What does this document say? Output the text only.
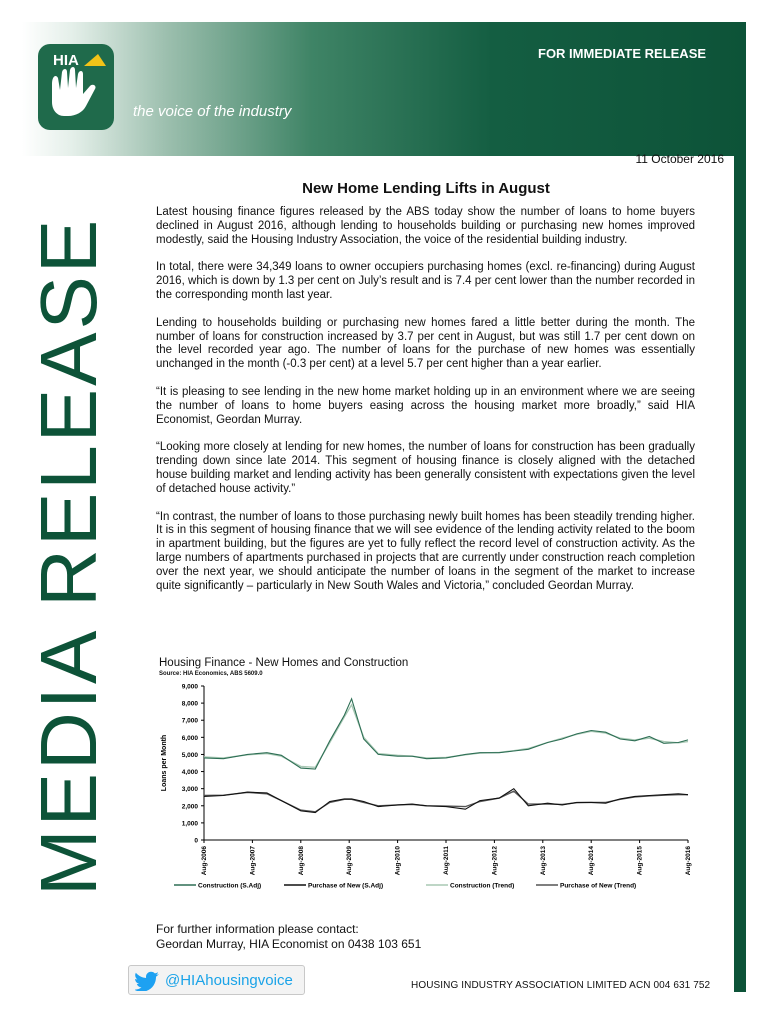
HIA
the voice of the industry
FOR IMMEDIATE RELEASE
MEDIA RELEASE
11 October 2016
New Home Lending Lifts in August

Latest housing finance figures released by the ABS today show the number of loans to home buyers declined in August 2016, although lending to households building or purchasing new homes improved modestly, said the Housing Industry Association, the voice of the residential building industry.

In total, there were 34,349 loans to owner occupiers purchasing homes (excl. re-financing) during August 2016, which is down by 1.3 per cent on July’s result and is 7.4 per cent lower than the number recorded in the corresponding month last year.

Lending to households building or purchasing new homes fared a little better during the month. The number of loans for construction increased by 3.7 per cent in August, but was still 1.7 per cent down on the level recorded year ago. The number of loans for the purchase of new homes was essentially unchanged in the month (-0.3 per cent) at a level 5.7 per cent higher than a year earlier.

“It is pleasing to see lending in the new home market holding up in an environment where we are seeing the number of loans to home buyers easing across the housing market more broadly,” said HIA Economist, Geordan Murray.

“Looking more closely at lending for new homes, the number of loans for construction has been gradually trending down since late 2014. This segment of housing finance is closely aligned with the detached house building market and lending activity has been generally consistent with expectations given the level of detached house activity.”

“In contrast, the number of loans to those purchasing newly built homes has been steadily trending higher. It is in this segment of housing finance that we will see evidence of the lending activity related to the boom in apartment building, but the figures are yet to fully reflect the record level of construction activity. As the large numbers of apartments purchased in projects that are currently under construction reach completion over the next year, we should anticipate the number of loans in the segment of the market to increase quite significantly – particularly in New South Wales and Victoria,” concluded Geordan Murray.

Housing Finance - New Homes and Construction
Source: HIA Economics, ABS 5609.0
0
1,000
2,000
3,000
4,000
5,000
6,000
7,000
8,000
9,000
Aug-2006	Aug-2007	Aug-2008	Aug-2009	Aug-2010	Aug-2011	Aug-2012	Aug-2013	Aug-2014	Aug-2015	Aug-2016
Loans per Month
Construction (S.Adj)	Purchase of New (S.Adj)	Construction (Trend)	Purchase of New (Trend)
For further information please contact:
Geordan Murray, HIA Economist on 0438 103 651
@HIAhousingvoice	HOUSING INDUSTRY ASSOCIATION LIMITED ACN 004 631 752
